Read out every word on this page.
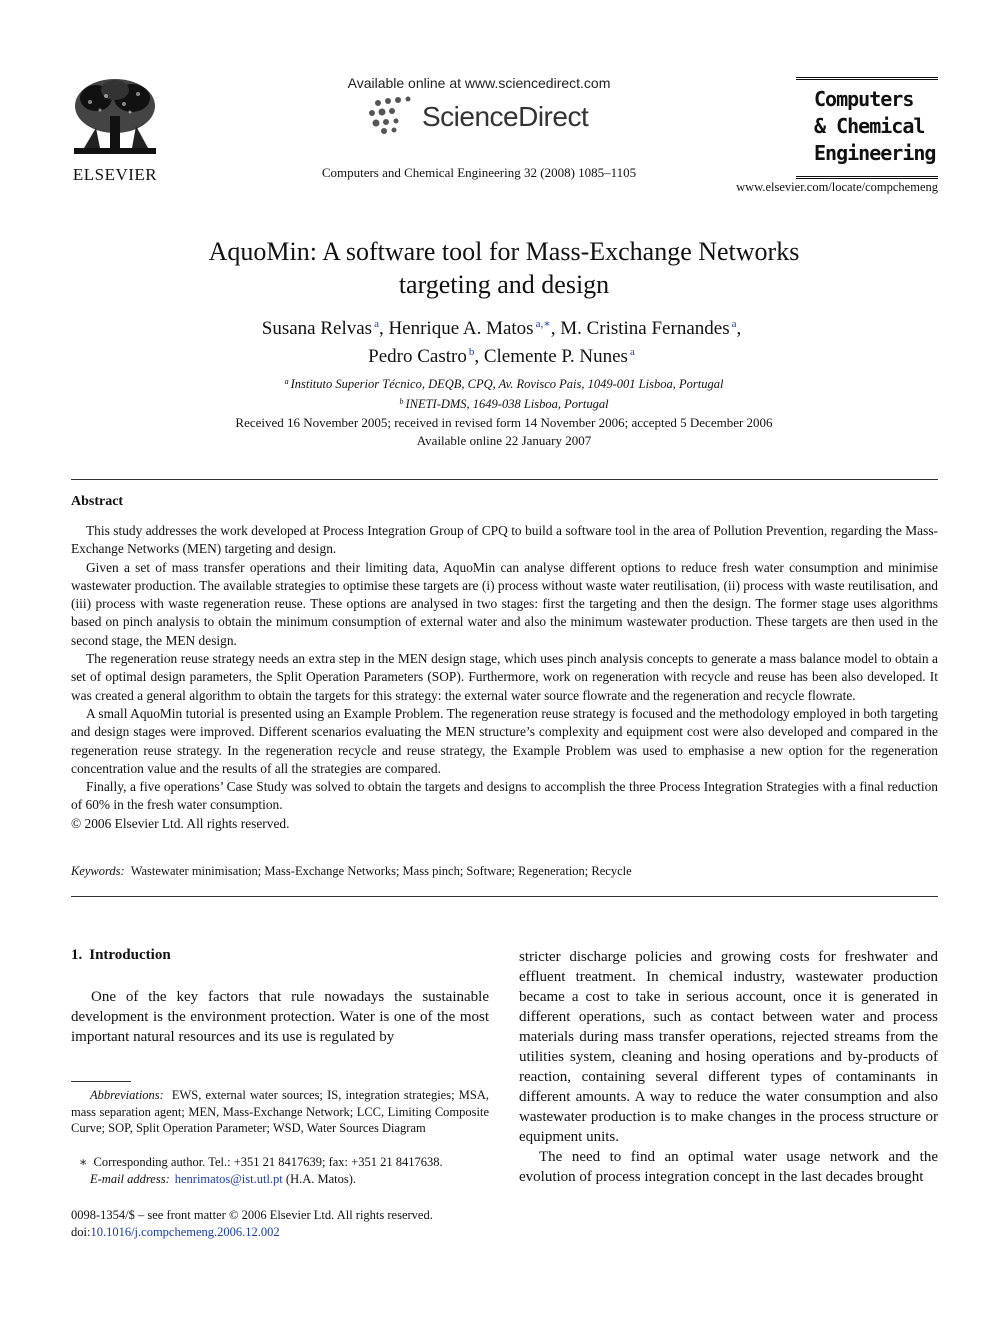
ELSEVIER
Available online at www.sciencedirect.com
ScienceDirect
Computers and Chemical Engineering 32 (2008) 1085–1105
Computers
& Chemical
Engineering
www.elsevier.com/locate/compchemeng
AquoMin: A software tool for Mass-Exchange Networks
targeting and design
Susana Relvas $^a$, Henrique A. Matos $^{a,∗}$, M. Cristina Fernandes $^a$,
Pedro Castro $^b$, Clemente P. Nunes $^a$
$^a$ Instituto Superior Técnico, DEQB, CPQ, Av. Rovisco Pais, 1049-001 Lisboa, Portugal
$^b$ INETI-DMS, 1649-038 Lisboa, Portugal
Received 16 November 2005; received in revised form 14 November 2006; accepted 5 December 2006
Available online 22 January 2007
Abstract
This study addresses the work developed at Process Integration Group of CPQ to build a software tool in the area of Pollution Prevention, regarding the Mass-Exchange Networks (MEN) targeting and design.
Given a set of mass transfer operations and their limiting data, AquoMin can analyse different options to reduce fresh water consumption and minimise wastewater production. The available strategies to optimise these targets are (i) process without waste water reutilisation, (ii) process with waste reutilisation, and (iii) process with waste regeneration reuse. These options are analysed in two stages: first the targeting and then the design. The former stage uses algorithms based on pinch analysis to obtain the minimum consumption of external water and also the minimum wastewater production. These targets are then used in the second stage, the MEN design.
The regeneration reuse strategy needs an extra step in the MEN design stage, which uses pinch analysis concepts to generate a mass balance model to obtain a set of optimal design parameters, the Split Operation Parameters (SOP). Furthermore, work on regeneration with recycle and reuse has been also developed. It was created a general algorithm to obtain the targets for this strategy: the external water source flowrate and the regeneration and recycle flowrate.
A small AquoMin tutorial is presented using an Example Problem. The regeneration reuse strategy is focused and the methodology employed in both targeting and design stages were improved. Different scenarios evaluating the MEN structure’s complexity and equipment cost were also developed and compared in the regeneration reuse strategy. In the regeneration recycle and reuse strategy, the Example Problem was used to emphasise a new option for the regeneration concentration value and the results of all the strategies are compared.
Finally, a five operations’ Case Study was solved to obtain the targets and designs to accomplish the three Process Integration Strategies with a final reduction of 60% in the fresh water consumption.
© 2006 Elsevier Ltd. All rights reserved.
Keywords: Wastewater minimisation; Mass-Exchange Networks; Mass pinch; Software; Regeneration; Recycle
1. Introduction
One of the key factors that rule nowadays the sustainable development is the environment protection. Water is one of the most important natural resources and its use is regulated by
Abbreviations: EWS, external water sources; IS, integration strategies; MSA, mass separation agent; MEN, Mass-Exchange Network; LCC, Limiting Composite Curve; SOP, Split Operation Parameter; WSD, Water Sources Diagram
∗ Corresponding author. Tel.: +351 21 8417639; fax: +351 21 8417638.
E-mail address: henrimatos@ist.utl.pt (H.A. Matos).
0098-1354/$ – see front matter © 2006 Elsevier Ltd. All rights reserved.
doi:10.1016/j.compchemeng.2006.12.002
stricter discharge policies and growing costs for freshwater and effluent treatment. In chemical industry, wastewater production became a cost to take in serious account, once it is generated in different operations, such as contact between water and process materials during mass transfer operations, rejected streams from the utilities system, cleaning and hosing operations and by-products of reaction, containing several different types of contaminants in different amounts. A way to reduce the water consumption and also wastewater production is to make changes in the process structure or equipment units.
The need to find an optimal water usage network and the evolution of process integration concept in the last decades brought
